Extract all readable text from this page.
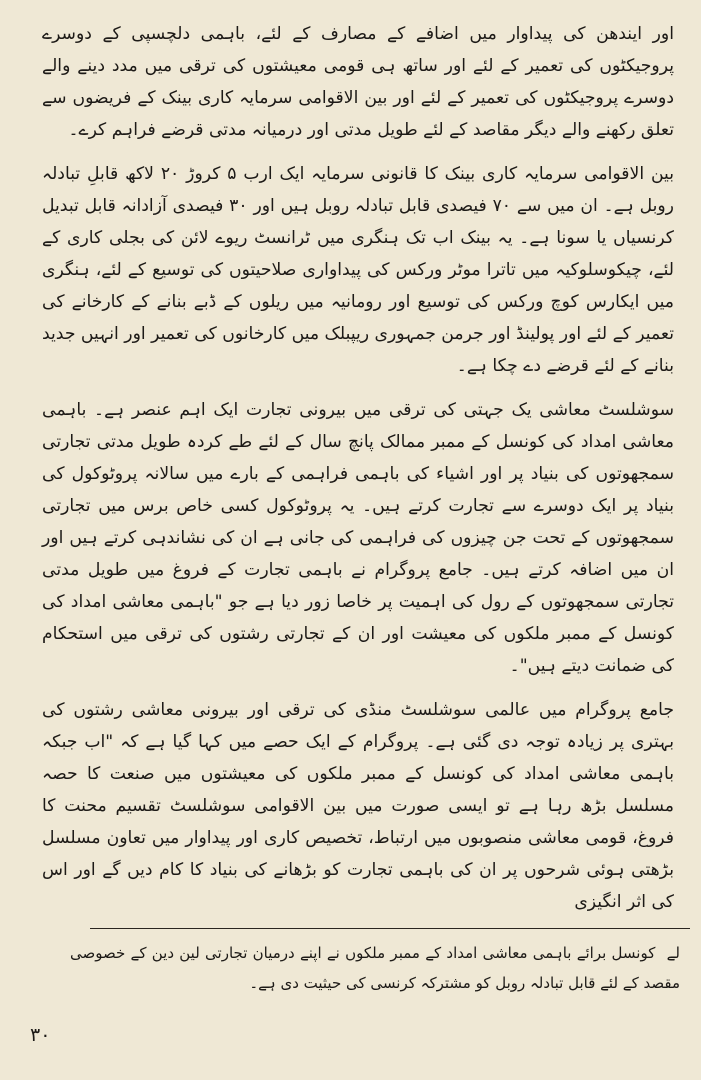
اور ایندھن کی پیداوار میں اضافے کے مصارف کے لئے، باہمی دلچسپی کے دوسرے پروجیکٹوں کی تعمیر کے لئے اور ساتھ ہی قومی معیشتوں کی ترقی میں مدد دینے والے دوسرے پروجیکٹوں کی تعمیر کے لئے اور بین الاقوامی سرمایہ کاری بینک کے فریضوں سے تعلق رکھنے والے دیگر مقاصد کے لئے طویل مدتی اور درمیانہ مدتی قرضے فراہم کرے۔

بین الاقوامی سرمایہ کاری بینک کا قانونی سرمایہ ایک ارب ۵ کروڑ ۲۰ لاکھ قابلِ تبادلہ روبل ہے۔ ان میں سے ۷۰ فیصدی قابل تبادلہ روبل ہیں اور ۳۰ فیصدی آزادانہ قابل تبدیل کرنسیاں یا سونا ہے۔ یہ بینک اب تک ہنگری میں ٹرانسٹ ریوے لائن کی بجلی کاری کے لئے، چیکوسلوکیہ میں تاترا موٹر ورکس کی پیداواری صلاحیتوں کی توسیع کے لئے، ہنگری میں ایکارس کوچ ورکس کی توسیع اور رومانیہ میں ریلوں کے ڈبے بنانے کے کارخانے کی تعمیر کے لئے اور پولینڈ اور جرمن جمہوری ریپبلک میں کارخانوں کی تعمیر اور انہیں جدید بنانے کے لئے قرضے دے چکا ہے۔

سوشلسٹ معاشی یک جہتی کی ترقی میں بیرونی تجارت ایک اہم عنصر ہے۔ باہمی معاشی امداد کی کونسل کے ممبر ممالک پانچ سال کے لئے طے کردہ طویل مدتی تجارتی سمجھوتوں کی بنیاد پر اور اشیاء کی باہمی فراہمی کے بارے میں سالانہ پروٹوکول کی بنیاد پر ایک دوسرے سے تجارت کرتے ہیں۔ یہ پروٹوکول کسی خاص برس میں تجارتی سمجھوتوں کے تحت جن چیزوں کی فراہمی کی جانی ہے ان کی نشاندہی کرتے ہیں اور ان میں اضافہ کرتے ہیں۔ جامع پروگرام نے باہمی تجارت کے فروغ میں طویل مدتی تجارتی سمجھوتوں کے رول کی اہمیت پر خاصا زور دیا ہے جو "باہمی معاشی امداد کی کونسل کے ممبر ملکوں کی معیشت اور ان کے تجارتی رشتوں کی ترقی میں استحکام کی ضمانت دیتے ہیں"۔

جامع پروگرام میں عالمی سوشلسٹ منڈی کی ترقی اور بیرونی معاشی رشتوں کی بہتری پر زیادہ توجہ دی گئی ہے۔ پروگرام کے ایک حصے میں کہا گیا ہے کہ "اب جبکہ باہمی معاشی امداد کی کونسل کے ممبر ملکوں کی معیشتوں میں صنعت کا حصہ مسلسل بڑھ رہا ہے تو ایسی صورت میں بین الاقوامی سوشلسٹ تقسیم محنت کا فروغ، قومی معاشی منصوبوں میں ارتباط، تخصیص کاری اور پیداوار میں تعاون مسلسل بڑھتی ہوئی شرحوں پر ان کی باہمی تجارت کو بڑھانے کی بنیاد کا کام دیں گے اور اس کی اثر انگیزی

لے کونسل برائے باہمی معاشی امداد کے ممبر ملکوں نے اپنے درمیان تجارتی لین دین کے خصوصی مقصد کے لئے قابل تبادلہ روبل کو مشترکہ کرنسی کی حیثیت دی ہے۔
۳۰
